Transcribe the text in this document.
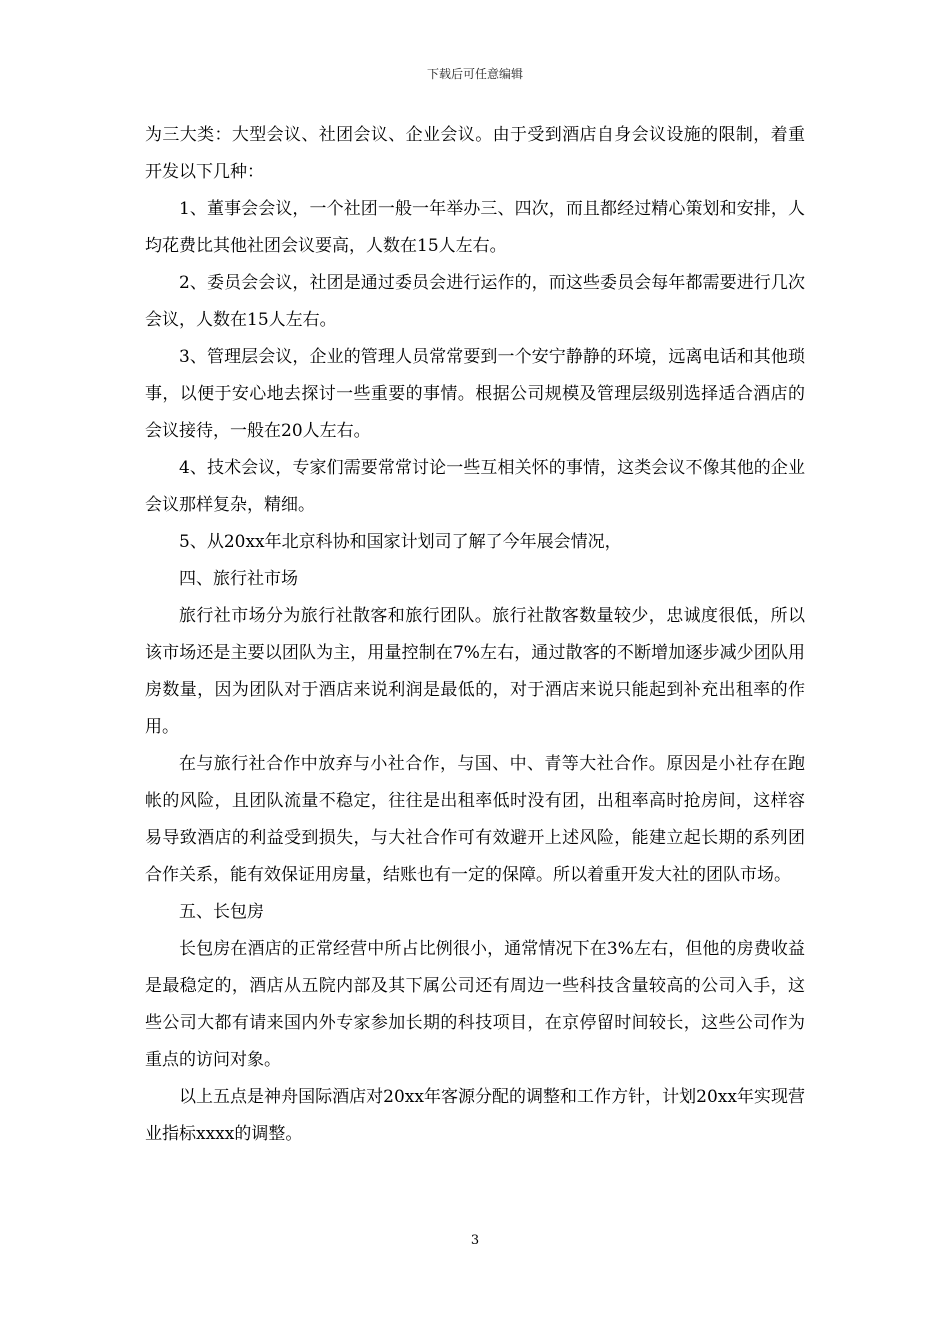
下载后可任意编辑

为三大类：大型会议、社团会议、企业会议。由于受到酒店自身会议设施的限制，着重开发以下几种：

1、董事会会议，一个社团一般一年举办三、四次，而且都经过精心策划和安排，人均花费比其他社团会议要高，人数在15人左右。

2、委员会会议，社团是通过委员会进行运作的，而这些委员会每年都需要进行几次会议，人数在15人左右。

3、管理层会议，企业的管理人员常常要到一个安宁静静的环境，远离电话和其他琐事，以便于安心地去探讨一些重要的事情。根据公司规模及管理层级别选择适合酒店的会议接待，一般在20人左右。

4、技术会议，专家们需要常常讨论一些互相关怀的事情，这类会议不像其他的企业会议那样复杂，精细。

5、从20xx年北京科协和国家计划司了解了今年展会情况，

四、旅行社市场

旅行社市场分为旅行社散客和旅行团队。旅行社散客数量较少，忠诚度很低，所以该市场还是主要以团队为主，用量控制在7%左右，通过散客的不断增加逐步减少团队用房数量，因为团队对于酒店来说利润是最低的，对于酒店来说只能起到补充出租率的作用。

在与旅行社合作中放弃与小社合作，与国、中、青等大社合作。原因是小社存在跑帐的风险，且团队流量不稳定，往往是出租率低时没有团，出租率高时抢房间，这样容易导致酒店的利益受到损失，与大社合作可有效避开上述风险，能建立起长期的系列团合作关系，能有效保证用房量，结账也有一定的保障。所以着重开发大社的团队市场。

五、长包房

长包房在酒店的正常经营中所占比例很小，通常情况下在3%左右，但他的房费收益是最稳定的，酒店从五院内部及其下属公司还有周边一些科技含量较高的公司入手，这些公司大都有请来国内外专家参加长期的科技项目，在京停留时间较长，这些公司作为重点的访问对象。

以上五点是神舟国际酒店对20xx年客源分配的调整和工作方针，计划20xx年实现营业指标xxxx的调整。

3
